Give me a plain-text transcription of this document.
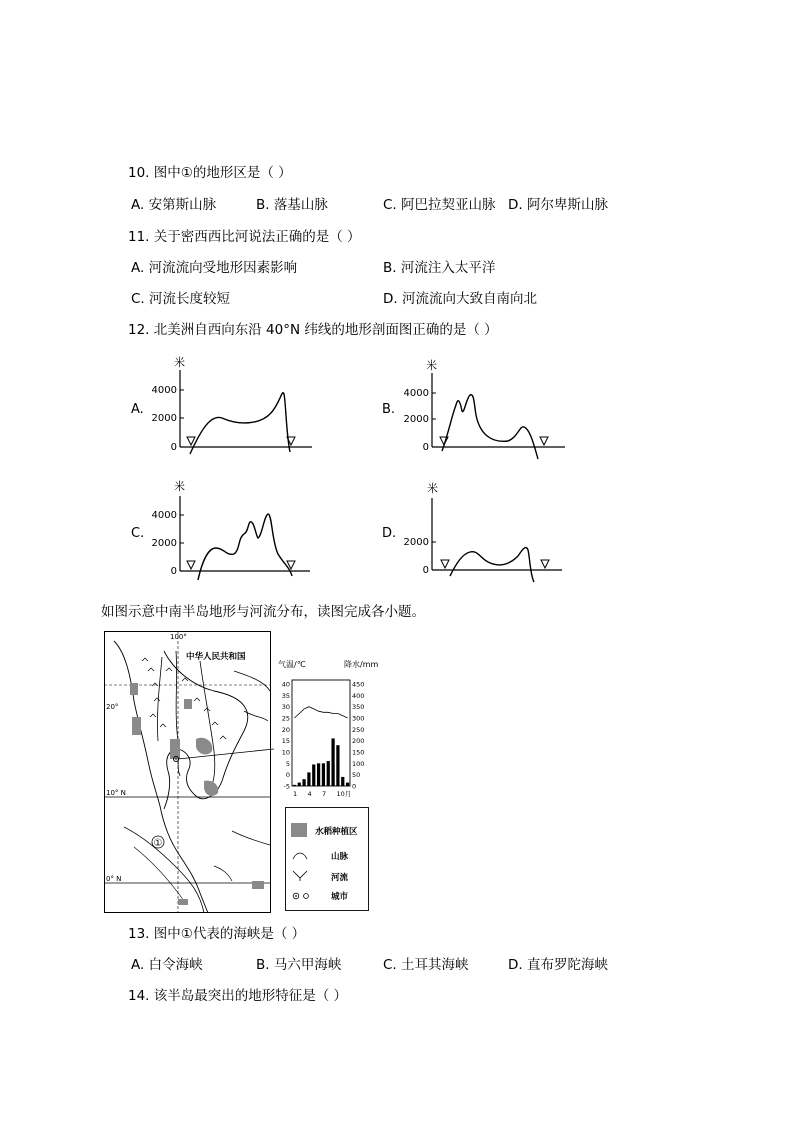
10. 图中①的地形区是（ ）
A. 安第斯山脉	B. 落基山脉	C. 阿巴拉契亚山脉 D. 阿尔卑斯山脉
11. 关于密西西比河说法正确的是（ ）
A. 河流流向受地形因素影响	B. 河流注入太平洋
C. 河流长度较短	D. 河流流向大致自南向北
12. 北美洲自西向东沿 40°N 纬线的地形剖面图正确的是（ ）
A.
米
4000
2000
0
B.
米
4000
2000
0
C.
米
4000
2000
0
D.
米
2000
0
如图示意中南半岛地形与河流分布，读图完成各小题。
100°
20°
10° N
0° N
中华人民共和国
①
气温/℃	降水/mm
40
35
30
25
20
15
10
5
0
-5
450
400
350
300
250
200
150
100
50
0
1 4 7 10月
水稻种植区
山脉
河流
城市
13. 图中①代表的海峡是（ ）
A. 白令海峡	B. 马六甲海峡	C. 土耳其海峡	D. 直布罗陀海峡
14. 该半岛最突出的地形特征是（ ）
